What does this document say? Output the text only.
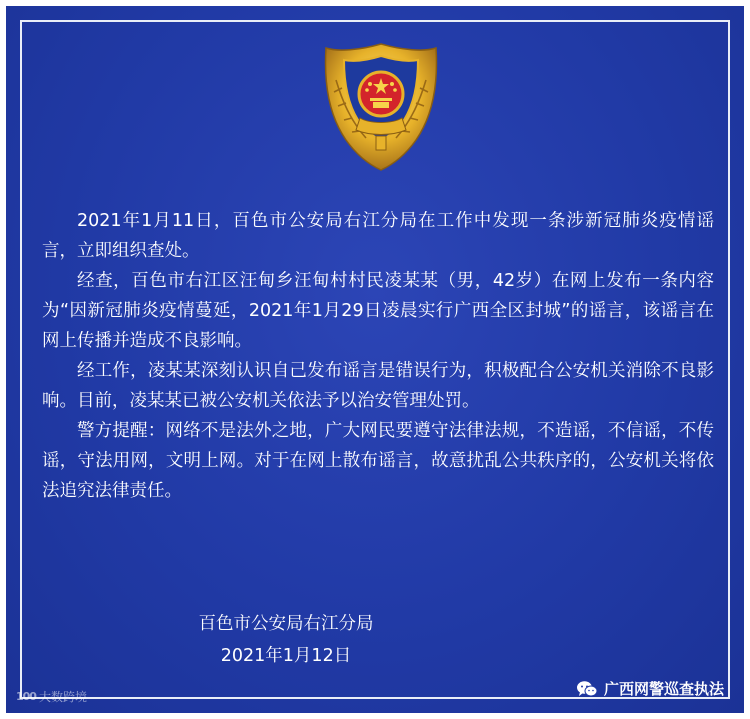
2021年1月11日，百色市公安局右江分局在工作中发现一条涉新冠肺炎疫情谣言，立即组织查处。

经查，百色市右江区汪甸乡汪甸村村民凌某某（男，42岁）在网上发布一条内容为“因新冠肺炎疫情蔓延，2021年1月29日凌晨实行广西全区封城”的谣言，该谣言在网上传播并造成不良影响。

经工作，凌某某深刻认识自己发布谣言是错误行为，积极配合公安机关消除不良影响。目前，凌某某已被公安机关依法予以治安管理处罚。

警方提醒：网络不是法外之地，广大网民要遵守法律法规，不造谣，不信谣，不传谣，守法用网，文明上网。对于在网上散布谣言，故意扰乱公共秩序的，公安机关将依法追究法律责任。

百色市公安局右江分局
2021年1月12日
100 大数跨境	广西网警巡查执法
